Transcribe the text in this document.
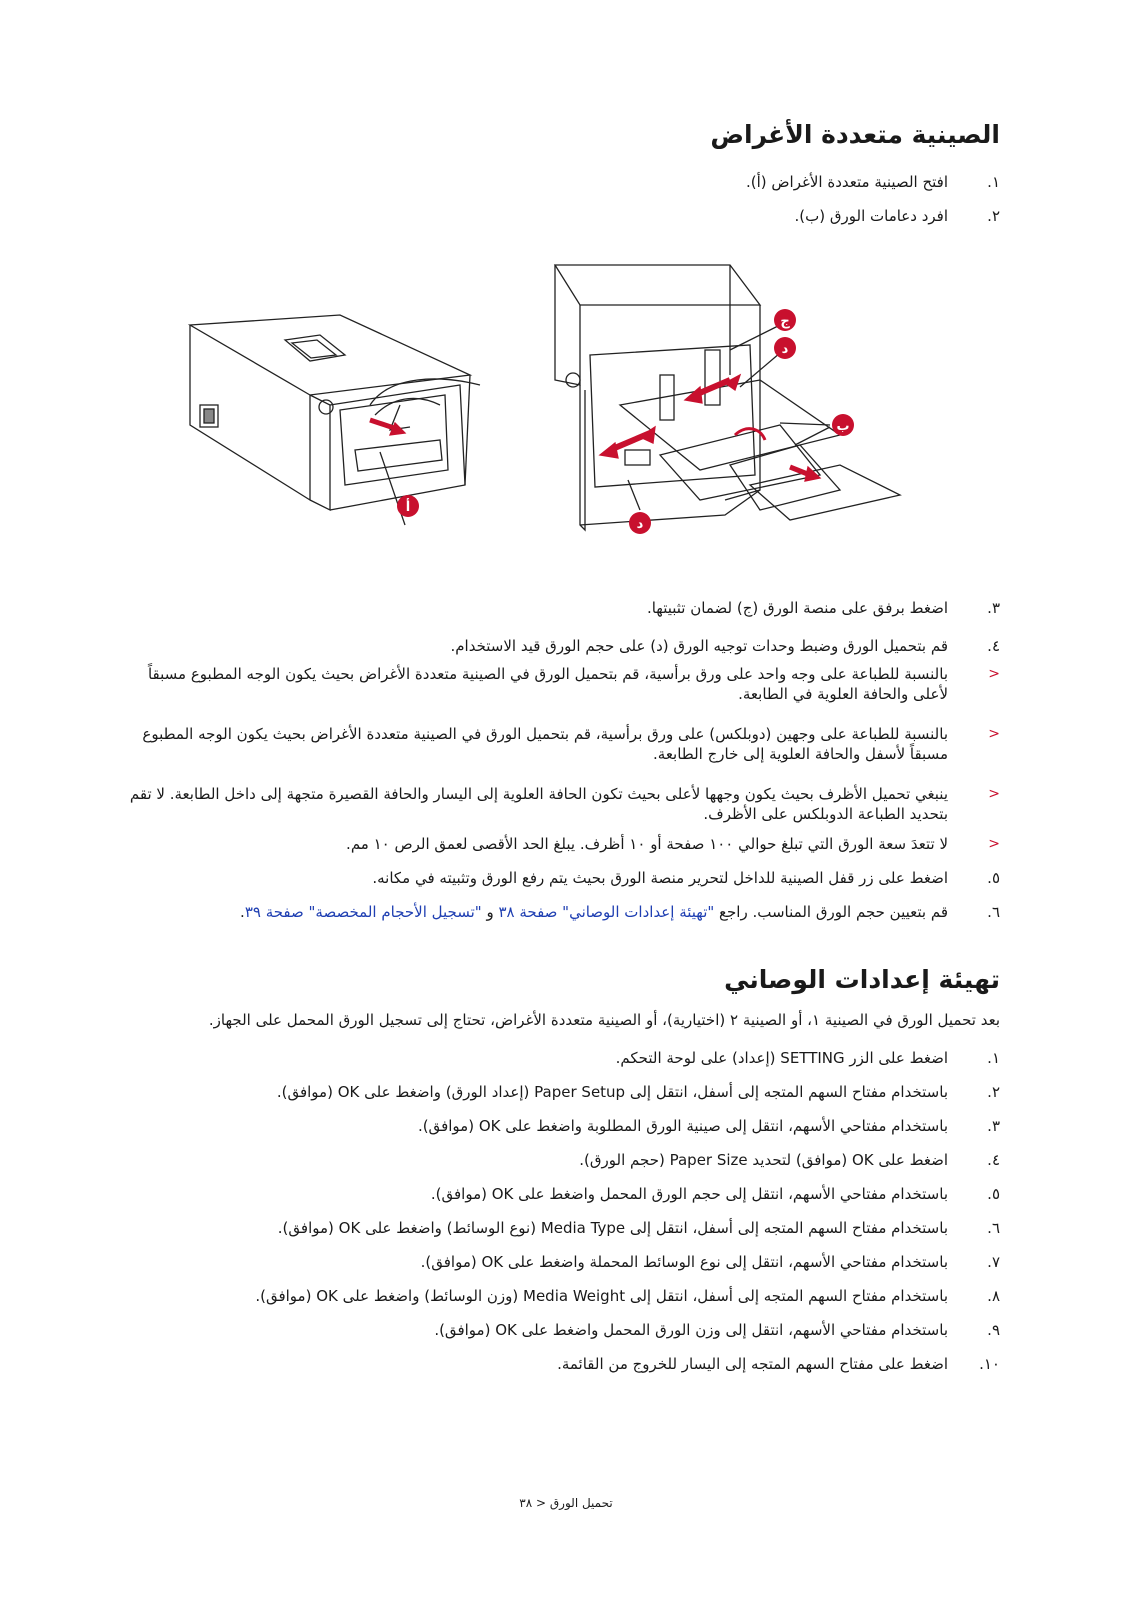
الصينية متعددة الأغراض
١.
افتح الصينية متعددة الأغراض (أ).
٢.
افرد دعامات الورق (ب).
ج
د
ب
أ
د
٣.
اضغط برفق على منصة الورق (ج) لضمان تثبيتها.
٤.
قم بتحميل الورق وضبط وحدات توجيه الورق (د) على حجم الورق قيد الاستخدام.
<
بالنسبة للطباعة على وجه واحد على ورق برأسية، قم بتحميل الورق في الصينية متعددة الأغراض بحيث يكون الوجه المطبوع مسبقاً لأعلى والحافة العلوية في الطابعة.
<
بالنسبة للطباعة على وجهين (دوبلكس) على ورق برأسية، قم بتحميل الورق في الصينية متعددة الأغراض بحيث يكون الوجه المطبوع مسبقاً لأسفل والحافة العلوية إلى خارج الطابعة.
<
ينبغي تحميل الأظرف بحيث يكون وجهها لأعلى بحيث تكون الحافة العلوية إلى اليسار والحافة القصيرة متجهة إلى داخل الطابعة. لا تقم بتحديد الطباعة الدوبلكس على الأظرف.
<
لا تتعدَ سعة الورق التي تبلغ حوالي ١٠٠ صفحة أو ١٠ أظرف. يبلغ الحد الأقصى لعمق الرص ١٠ مم.
٥.
اضغط على زر قفل الصينية للداخل لتحرير منصة الورق بحيث يتم رفع الورق وتثبيته في مكانه.
٦.
قم بتعيين حجم الورق المناسب. راجع "تهيئة إعدادات الوصاني" صفحة ٣٨ و "تسجيل الأحجام المخصصة" صفحة ٣٩.
تهيئة إعدادات الوصاني
بعد تحميل الورق في الصينية ١، أو الصينية ٢ (اختيارية)، أو الصينية متعددة الأغراض، تحتاج إلى تسجيل الورق المحمل على الجهاز.
١.
اضغط على الزر SETTING (إعداد) على لوحة التحكم.
٢.
باستخدام مفتاح السهم المتجه إلى أسفل، انتقل إلى Paper Setup (إعداد الورق) واضغط على OK (موافق).
٣.
باستخدام مفتاحي الأسهم، انتقل إلى صينية الورق المطلوبة واضغط على OK (موافق).
٤.
اضغط على OK (موافق) لتحديد Paper Size (حجم الورق).
٥.
باستخدام مفتاحي الأسهم، انتقل إلى حجم الورق المحمل واضغط على OK (موافق).
٦.
باستخدام مفتاح السهم المتجه إلى أسفل، انتقل إلى Media Type (نوع الوسائط) واضغط على OK (موافق).
٧.
باستخدام مفتاحي الأسهم، انتقل إلى نوع الوسائط المحملة واضغط على OK (موافق).
٨.
باستخدام مفتاح السهم المتجه إلى أسفل، انتقل إلى Media Weight (وزن الوسائط) واضغط على OK (موافق).
٩.
باستخدام مفتاحي الأسهم، انتقل إلى وزن الورق المحمل واضغط على OK (موافق).
١٠.
اضغط على مفتاح السهم المتجه إلى اليسار للخروج من القائمة.
تحميل الورق < ٣٨
